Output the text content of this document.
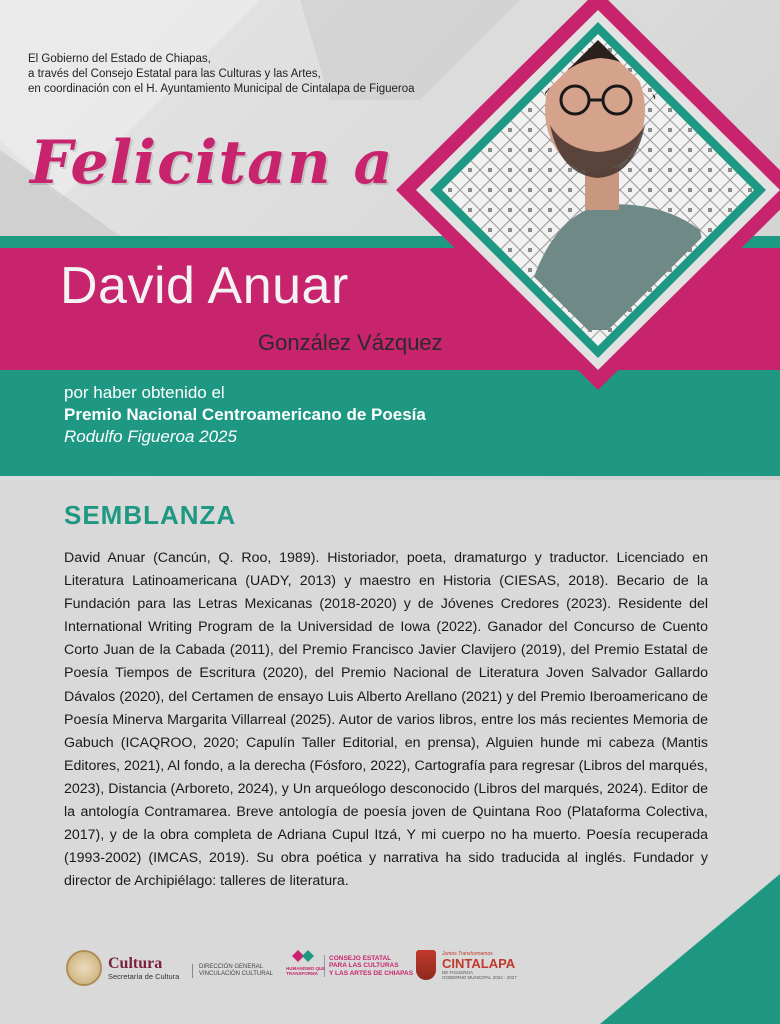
El Gobierno del Estado de Chiapas,
a través del Consejo Estatal para las Culturas y las Artes,
en coordinación con el H. Ayuntamiento Municipal de Cintalapa de Figueroa
Felicitan a
David Anuar
González Vázquez
por haber obtenido el
Premio Nacional Centroamericano de Poesía
Rodulfo Figueroa 2025
SEMBLANZA

David Anuar (Cancún, Q. Roo, 1989). Historiador, poeta, dramaturgo y traductor. Licenciado en Literatura Latinoamericana (UADY, 2013) y maestro en Historia (CIESAS, 2018). Becario de la Fundación para las Letras Mexicanas (2018-2020) y de Jóvenes Credores (2023). Residente del International Writing Program de la Universidad de Iowa (2022). Ganador del Concurso de Cuento Corto Juan de la Cabada (2011), del Premio Francisco Javier Clavijero (2019), del Premio Estatal de Poesía Tiempos de Escritura (2020), del Premio Nacional de Literatura Joven Salvador Gallardo Dávalos (2020), del Certamen de ensayo Luis Alberto Arellano (2021) y del Premio Iberoamericano de Poesía Minerva Margarita Villarreal (2025). Autor de varios libros, entre los más recientes Memoria de Gabuch (ICAQROO, 2020; Capulín Taller Editorial, en prensa), Alguien hunde mi cabeza (Mantis Editores, 2021), Al fondo, a la derecha (Fósforo, 2022), Cartografía para regresar (Libros del marqués, 2023), Distancia (Arboreto, 2024), y Un arqueólogo desconocido (Libros del marqués, 2024). Editor de la antología Contramarea. Breve antología de poesía joven de Quintana Roo (Plataforma Colectiva, 2017), y de la obra completa de Adriana Cupul Itzá, Y mi cuerpo no ha muerto. Poesía recuperada (1993-2002) (IMCAS, 2019). Su obra poética y narrativa ha sido traducida al inglés. Fundador y director de Archipiélago: talleres de literatura.

Cultura
Secretaría de Cultura
DIRECCIÓN GENERAL
VINCULACIÓN CULTURAL
HUMANISMO QUE
TRANSFORMA
CONSEJO ESTATAL
PARA LAS CULTURAS
Y LAS ARTES DE CHIAPAS
Juntos Transformamos
CINTALAPA
DE FIGUEROA
GOBIERNO MUNICIPAL 2024 - 2027
